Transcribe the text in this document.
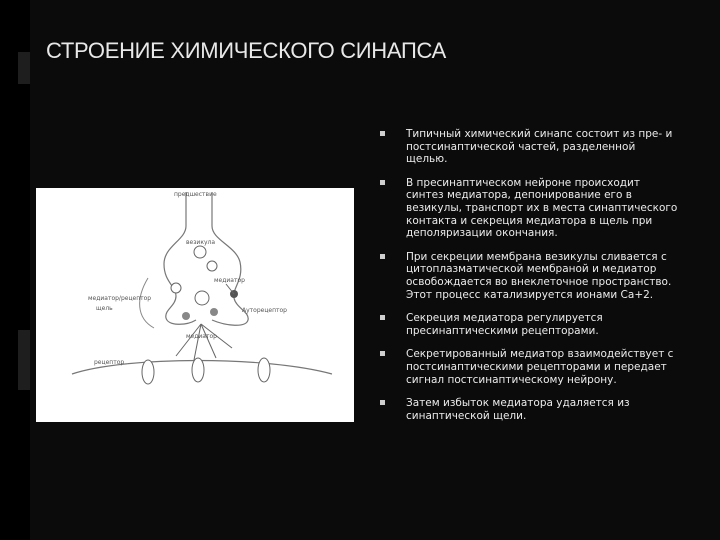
СТРОЕНИЕ ХИМИЧЕСКОГО СИНАПСА
предшествие
везикула
медиатор
медиатор/рецептор
щель	Ауторецептор
медиатор
рецептор
Типичный химический синапс состоит из пре- и постсинаптической частей, разделенной щелью.
В пресинаптическом нейроне происходит синтез медиатора, депонирование его в везикулы, транспорт их в места синаптического контакта и секреция медиатора в щель при деполяризации окончания.
При секреции мембрана везикулы сливается с цитоплазматической мембраной и медиатор освобождается во внеклеточное пространство. Этот процесс катализируется ионами Са+2.
Секреция медиатора регулируется пресинаптическими рецепторами.
Секретированный медиатор взаимодействует с постсинаптическими рецепторами и передает сигнал постсинаптическому нейрону.
Затем избыток медиатора удаляется из синаптической щели.
